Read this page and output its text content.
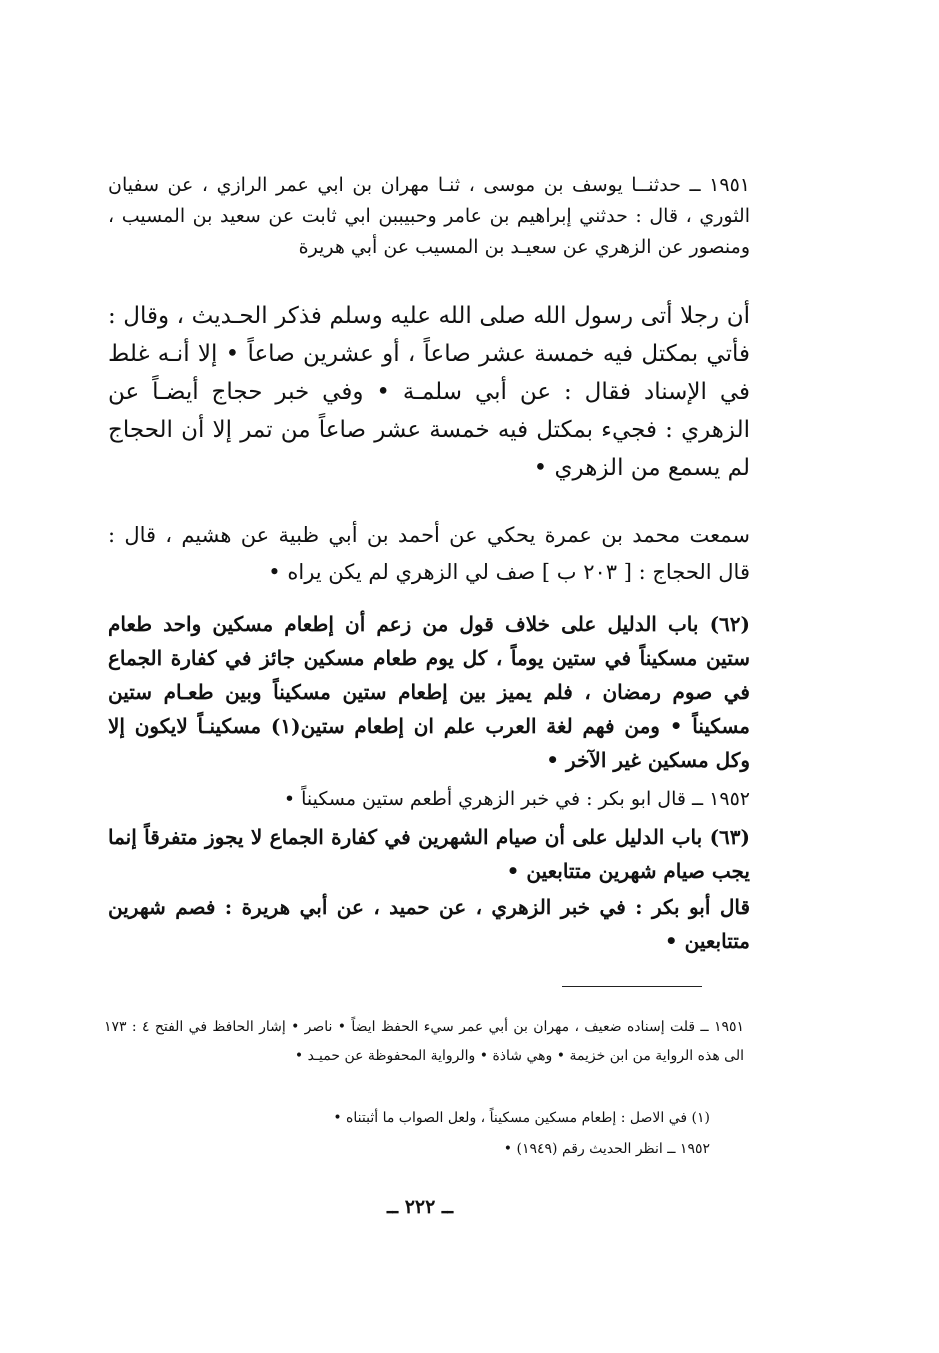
١٩٥١ ــ حدثنــا يوسف بن موسى ، ثنـا مهران بن ابي عمر الرازي ، عن سفيان الثوري ، قال : حدثني إبراهيم بن عامر وحبيببن ابي ثابت عن سعيد بن المسيب ، ومنصور عن الزهري عن سعيـد بن المسيب عن أبي هريرة

أن رجلا أتى رسول الله صلى الله عليه وسلم فذكر الحـديث ، وقال : فأتي بمكتل فيه خمسة عشر صاعاً ، أو عشرين صاعاً • إلا أنـه غلط في الإسناد فقال : عن أبي سلمـة • وفي خبر حجاج أيضـاً عن الزهري : فجيء بمكتل فيه خمسة عشر صاعاً من تمر إلا أن الحجاج لم يسمع من الزهري •

سمعت محمد بن عمرة يحكي عن أحمد بن أبي ظبية عن هشيم ، قال : قال الحجاج : [ ٢٠٣ ب ] صف لي الزهري لم يكن يراه •

(٦٢) باب الدليل على خلاف قول من زعم أن إطعام مسكين واحد طعام ستين مسكيناً في ستين يوماً ، كل يوم طعام مسكين جائز في كفارة الجماع في صوم رمضان ، فلم يميز بين إطعام ستين مسكيناً وبين طعـام ستين مسكيناً • ومن فهم لغة العرب علم ان إطعام ستين(١) مسكينـاً لايكون إلا وكل مسكين غير الآخر •

١٩٥٢ ــ قال ابو بكر : في خبر الزهري أطعم ستين مسكيناً •

(٦٣) باب الدليل على أن صيام الشهرين في كفارة الجماع لا يجوز متفرقاً إنما يجب صيام شهرين متتابعين •

قال أبو بكر : في خبر الزهري ، عن حميد ، عن أبي هريرة : فصم شهرين متتابعين •

١٩٥١ ــ قلت إسناده ضعيف ، مهران بن أبي عمر سيء الحفظ ايضاً • ناصر • إشار الحافظ في الفتح ٤ : ١٧٣ الى هذه الرواية من ابن خزيمة • وهي شاذة • والرواية المحفوظة عن حميـد •

(١) في الاصل : إطعام مسكين مسكيناً ، ولعل الصواب ما أثبتناه •

١٩٥٢ ــ انظر الحديث رقم (١٩٤٩) •

ــ ٢٢٢ ــ
